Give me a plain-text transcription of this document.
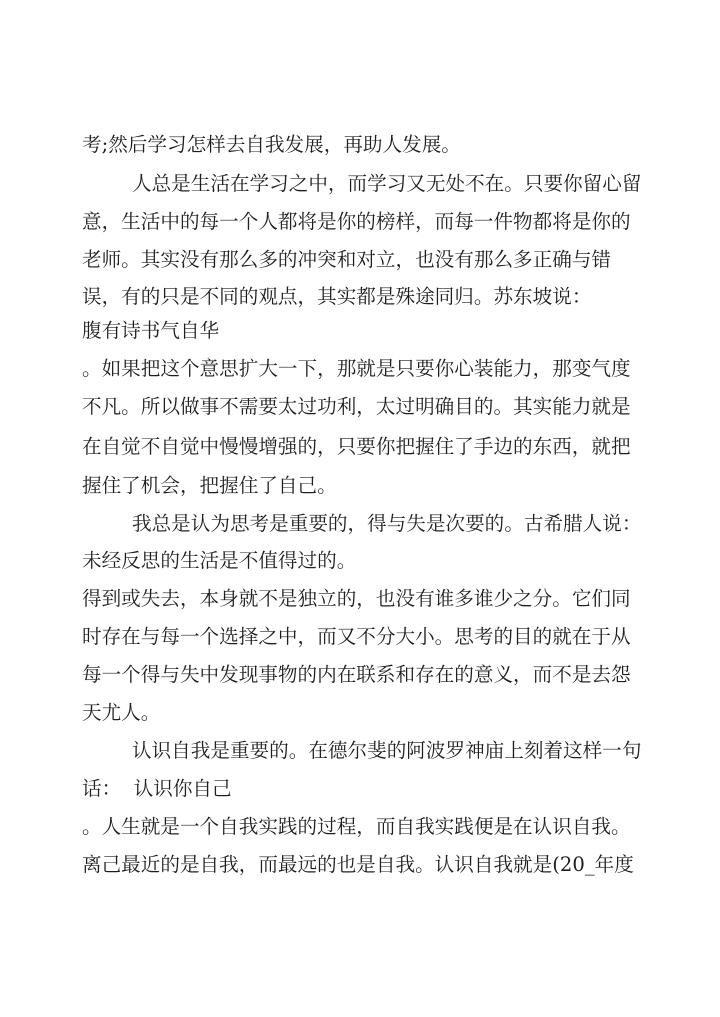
考;然后学习怎样去自我发展，再助人发展。
人总是生活在学习之中，而学习又无处不在。只要你留心留
意，生活中的每一个人都将是你的榜样，而每一件物都将是你的
老师。其实没有那么多的冲突和对立，也没有那么多正确与错
误，有的只是不同的观点，其实都是殊途同归。苏东坡说：
腹有诗书气自华
。如果把这个意思扩大一下，那就是只要你心装能力，那变气度
不凡。所以做事不需要太过功利，太过明确目的。其实能力就是
在自觉不自觉中慢慢增强的，只要你把握住了手边的东西，就把
握住了机会，把握住了自己。
我总是认为思考是重要的，得与失是次要的。古希腊人说：
未经反思的生活是不值得过的。
得到或失去，本身就不是独立的，也没有谁多谁少之分。它们同
时存在与每一个选择之中，而又不分大小。思考的目的就在于从
每一个得与失中发现事物的内在联系和存在的意义，而不是去怨
天尤人。
认识自我是重要的。在德尔斐的阿波罗神庙上刻着这样一句
话：  认识你自己
。人生就是一个自我实践的过程，而自我实践便是在认识自我。
离己最近的是自我，而最远的也是自我。认识自我就是(20_年度
